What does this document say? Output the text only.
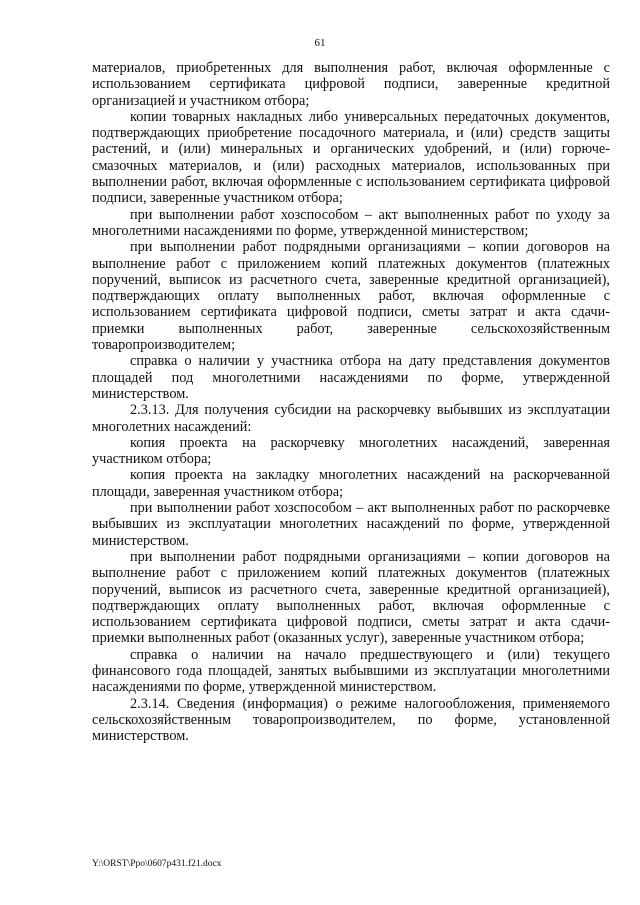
61

материалов, приобретенных для выполнения работ, включая оформленные с использованием сертификата цифровой подписи, заверенные кредитной организацией и участником отбора;

копии товарных накладных либо универсальных передаточных документов, подтверждающих приобретение посадочного материала, и (или) средств защиты растений, и (или) минеральных и органических удобрений, и (или) горюче-смазочных материалов, и (или) расходных материалов, использованных при выполнении работ, включая оформленные с использованием сертификата цифровой подписи, заверенные участником отбора;

при выполнении работ хозспособом – акт выполненных работ по уходу за многолетними насаждениями по форме, утвержденной министерством;

при выполнении работ подрядными организациями – копии договоров на выполнение работ с приложением копий платежных документов (платежных поручений, выписок из расчетного счета, заверенные кредитной организацией), подтверждающих оплату выполненных работ, включая оформленные с использованием сертификата цифровой подписи, сметы затрат и акта сдачи-приемки выполненных работ, заверенные сельскохозяйственным товаропроизводителем;

справка о наличии у участника отбора на дату представления документов площадей под многолетними насаждениями по форме, утвержденной министерством.

2.3.13. Для получения субсидии на раскорчевку выбывших из эксплуатации многолетних насаждений:

копия проекта на раскорчевку многолетних насаждений, заверенная участником отбора;

копия проекта на закладку многолетних насаждений на раскорчеванной площади, заверенная участником отбора;

при выполнении работ хозспособом – акт выполненных работ по раскорчевке выбывших из эксплуатации многолетних насаждений по форме, утвержденной министерством.

при выполнении работ подрядными организациями – копии договоров на выполнение работ с приложением копий платежных документов (платежных поручений, выписок из расчетного счета, заверенные кредитной организацией), подтверждающих оплату выполненных работ, включая оформленные с использованием сертификата цифровой подписи, сметы затрат и акта сдачи-приемки выполненных работ (оказанных услуг), заверенные участником отбора;

справка о наличии на начало предшествующего и (или) текущего финансового года площадей, занятых выбывшими из эксплуатации многолетними насаждениями по форме, утвержденной министерством.

2.3.14. Сведения (информация) о режиме налогообложения, применяемого сельскохозяйственным товаропроизводителем, по форме, установленной министерством.

Y:\ORST\Ppo\0607p431.f21.docx
